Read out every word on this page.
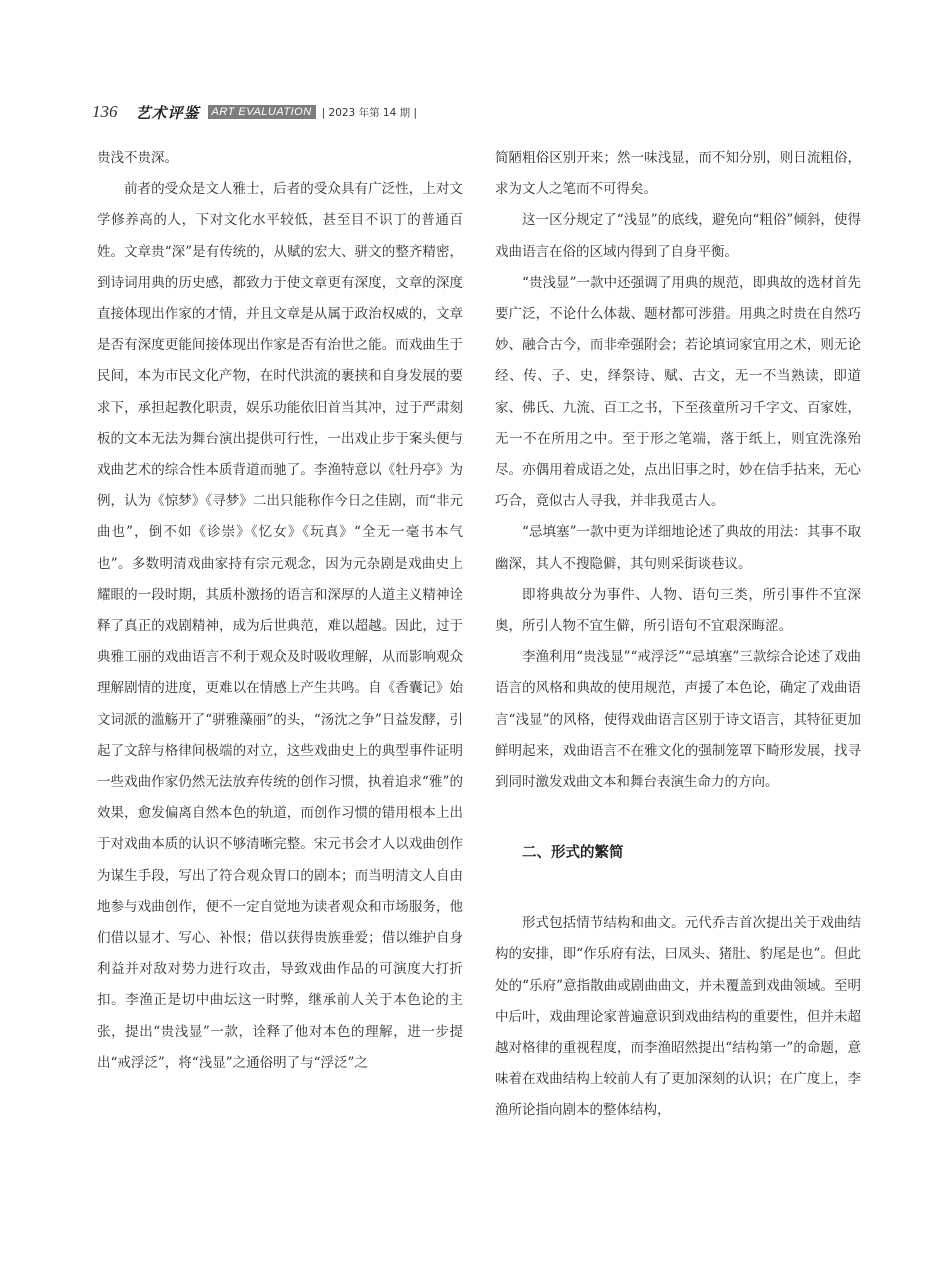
136 艺术评鉴	ART EVALUATION | 2023 年第 14 期 |

贵浅不贵深。

前者的受众是文人雅士，后者的受众具有广泛性，上对文学修养高的人，下对文化水平较低，甚至目不识丁的普通百姓。文章贵“深”是有传统的，从赋的宏大、骈文的整齐精密，到诗词用典的历史感，都致力于使文章更有深度，文章的深度直接体现出作家的才情，并且文章是从属于政治权威的，文章是否有深度更能间接体现出作家是否有治世之能。而戏曲生于民间，本为市民文化产物，在时代洪流的裹挟和自身发展的要求下，承担起教化职责，娱乐功能依旧首当其冲，过于严肃刻板的文本无法为舞台演出提供可行性，一出戏止步于案头便与戏曲艺术的综合性本质背道而驰了。李渔特意以《牡丹亭》为例，认为《惊梦》《寻梦》二出只能称作今日之佳剧，而“非元曲也”，倒不如《诊崇》《忆女》《玩真》“全无一毫书本气也”。多数明清戏曲家持有宗元观念，因为元杂剧是戏曲史上耀眼的一段时期，其质朴激扬的语言和深厚的人道主义精神诠释了真正的戏剧精神，成为后世典范，难以超越。因此，过于典雅工丽的戏曲语言不利于观众及时吸收理解，从而影响观众理解剧情的进度，更难以在情感上产生共鸣。自《香囊记》始文词派的滥觞开了“骈雅藻丽”的头，“汤沈之争”日益发酵，引起了文辞与格律间极端的对立，这些戏曲史上的典型事件证明一些戏曲作家仍然无法放弃传统的创作习惯，执着追求“雅”的效果，愈发偏离自然本色的轨道，而创作习惯的错用根本上出于对戏曲本质的认识不够清晰完整。宋元书会才人以戏曲创作为谋生手段，写出了符合观众胃口的剧本；而当明清文人自由地参与戏曲创作，便不一定自觉地为读者观众和市场服务，他们借以显才、写心、补恨；借以获得贵族垂爱；借以维护自身利益并对敌对势力进行攻击，导致戏曲作品的可演度大打折扣。李渔正是切中曲坛这一时弊，继承前人关于本色论的主张，提出“贵浅显”一款，诠释了他对本色的理解，进一步提出“戒浮泛”，将“浅显”之通俗明了与“浮泛”之

简陋粗俗区别开来；然一味浅显，而不知分别，则日流粗俗，求为文人之笔而不可得矣。

这一区分规定了“浅显”的底线，避免向“粗俗”倾斜，使得戏曲语言在俗的区域内得到了自身平衡。

“贵浅显”一款中还强调了用典的规范，即典故的选材首先要广泛，不论什么体裁、题材都可涉猎。用典之时贵在自然巧妙、融合古今，而非牵强附会；若论填词家宜用之术，则无论经、传、子、史，绎祭诗、赋、古文，无一不当熟读，即道家、佛氏、九流、百工之书，下至孩童所习千字文、百家姓，无一不在所用之中。至于形之笔端，落于纸上，则宜洗涤殆尽。亦偶用着成语之处，点出旧事之时，妙在信手拈来，无心巧合，竟似古人寻我，并非我觅古人。

“忌填塞”一款中更为详细地论述了典故的用法：其事不取幽深，其人不搜隐僻，其句则采街谈巷议。

即将典故分为事件、人物、语句三类，所引事件不宜深奥，所引人物不宜生僻，所引语句不宜艰深晦涩。

李渔利用“贵浅显”“戒浮泛”“忌填塞”三款综合论述了戏曲语言的风格和典故的使用规范，声援了本色论，确定了戏曲语言“浅显”的风格，使得戏曲语言区别于诗文语言，其特征更加鲜明起来，戏曲语言不在雅文化的强制笼罩下畸形发展，找寻到同时激发戏曲文本和舞台表演生命力的方向。

二、形式的繁简

形式包括情节结构和曲文。元代乔吉首次提出关于戏曲结构的安排，即“作乐府有法，曰凤头、猪肚、豹尾是也”。但此处的“乐府”意指散曲或剧曲曲文，并未覆盖到戏曲领域。至明中后叶，戏曲理论家普遍意识到戏曲结构的重要性，但并未超越对格律的重视程度，而李渔昭然提出“结构第一”的命题，意味着在戏曲结构上较前人有了更加深刻的认识；在广度上，李渔所论指向剧本的整体结构，
